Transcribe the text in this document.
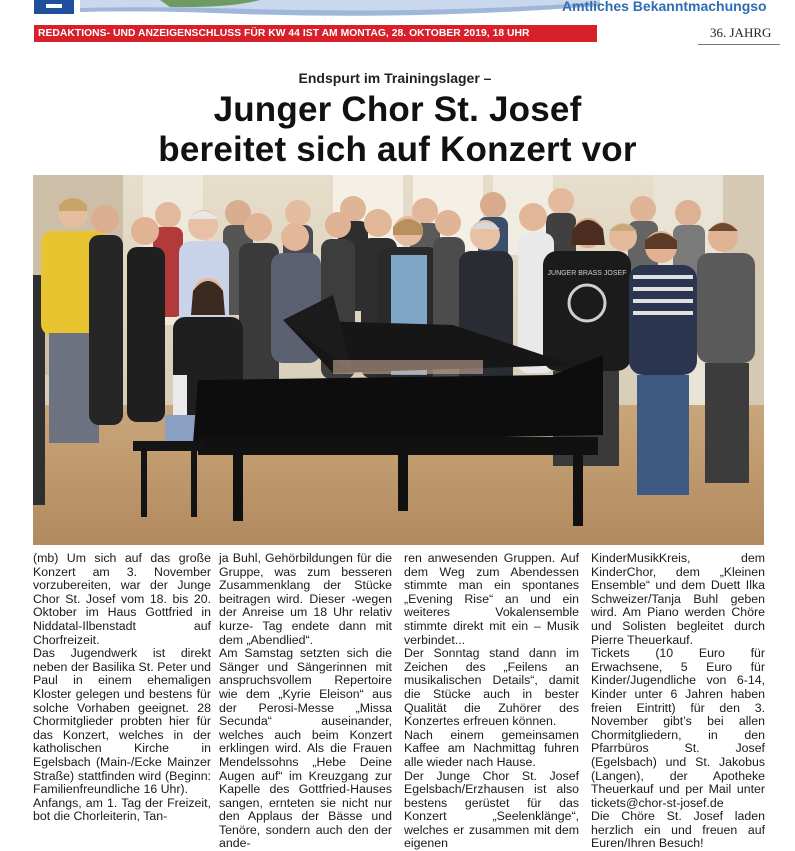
Amtliches Bekanntmachungso
REDAKTIONS- UND ANZEIGENSCHLUSS FÜR KW 44 IST AM MONTAG, 28. OKTOBER 2019, 18 UHR	36. JAHRG
Endspurt im Trainingslager –
Junger Chor St. Josef
bereitet sich auf Konzert vor
JUNGER BRASS JOSEF

(mb) Um sich auf das große Konzert am 3. November vorzubereiten, war der Junge Chor St. Josef vom 18. bis 20. Oktober im Haus Gottfried in Niddatal-Ilbenstadt auf Chorfreizeit.

Das Jugendwerk ist direkt neben der Basilika St. Peter und Paul in einem ehemaligen Kloster gelegen und bestens für solche Vorhaben geeignet. 28 Chormitglieder probten hier für das Konzert, welches in der katholischen Kirche in Egelsbach (Main-/Ecke Mainzer Straße) stattfinden wird (Beginn: Familienfreundliche 16 Uhr).

Anfangs, am 1. Tag der Freizeit, bot die Chorleiterin, Tan-

ja Buhl, Gehörbildungen für die Gruppe, was zum besseren Zusammenklang der Stücke beitragen wird. Dieser -wegen der Anreise um 18 Uhr relativ kurze- Tag endete dann mit dem „Abendlied“.

Am Samstag setzten sich die Sänger und Sängerinnen mit anspruchsvollem Repertoire wie dem „Kyrie Eleison“ aus der Perosi-Messe „Missa Secunda“ auseinander, welches auch beim Konzert erklingen wird. Als die Frauen Mendelssohns „Hebe Deine Augen auf“ im Kreuzgang zur Kapelle des Gottfried-Hauses sangen, ernteten sie nicht nur den Applaus der Bässe und Tenöre, sondern auch den der ande-

ren anwesenden Gruppen. Auf dem Weg zum Abendessen stimmte man ein spontanes „Evening Rise“ an und ein weiteres Vokalensemble stimmte direkt mit ein – Musik verbindet...

Der Sonntag stand dann im Zeichen des „Feilens an musikalischen Details“, damit die Stücke auch in bester Qualität die Zuhörer des Konzertes erfreuen können.

Nach einem gemeinsamen Kaffee am Nachmittag fuhren alle wieder nach Hause.

Der Junge Chor St. Josef Egelsbach/Erzhausen ist also bestens gerüstet für das Konzert „Seelenklänge“, welches er zusammen mit dem eigenen

KinderMusikKreis, dem KinderChor, dem „Kleinen Ensemble“ und dem Duett Ilka Schweizer/Tanja Buhl geben wird. Am Piano werden Chöre und Solisten begleitet durch Pierre Theuerkauf.

Tickets (10 Euro für Erwachsene, 5 Euro für Kinder/Jugendliche von 6-14, Kinder unter 6 Jahren haben freien Eintritt) für den 3. November gibt’s bei allen Chormitgliedern, in den Pfarrbüros St. Josef (Egelsbach) und St. Jakobus (Langen), der Apotheke Theuerkauf und per Mail unter tickets@chor-st-josef.de

Die Chöre St. Josef laden herzlich ein und freuen auf Euren/Ihren Besuch!
